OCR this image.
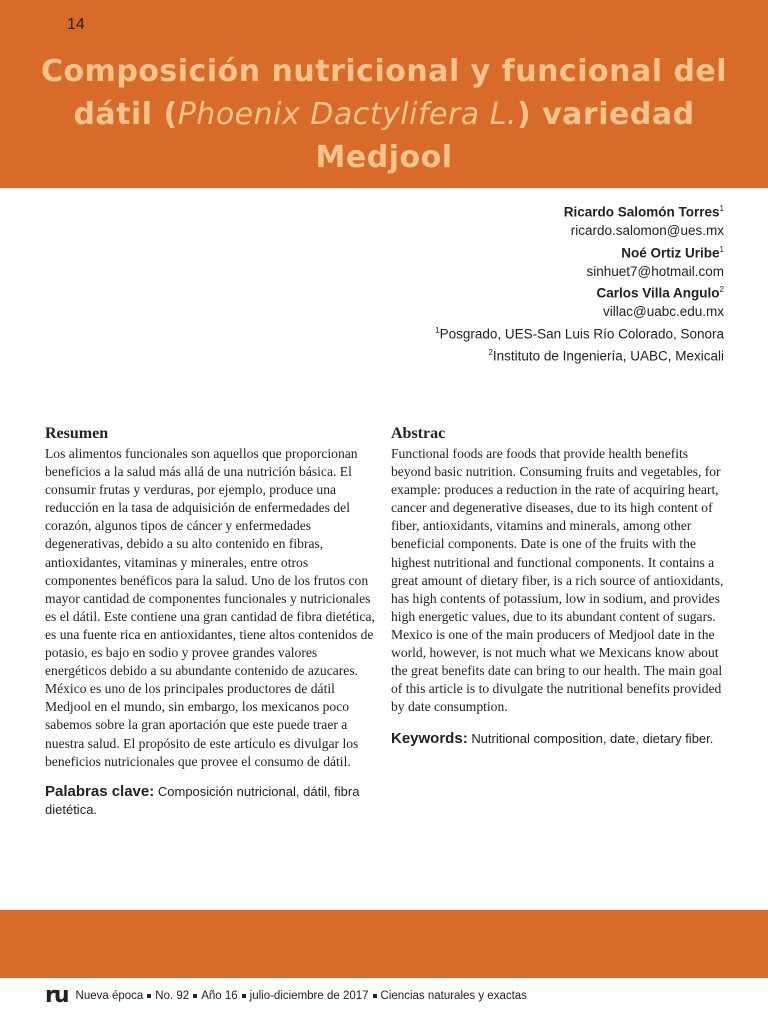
14
Composición nutricional y funcional del dátil (Phoenix Dactylifera L.) variedad Medjool
Ricardo Salomón Torres$^1$
ricardo.salomon@ues.mx
Noé Ortiz Uribe$^1$
sinhuet7@hotmail.com
Carlos Villa Angulo$^2$
villac@uabc.edu.mx
$^1$Posgrado, UES-San Luis Río Colorado, Sonora
$^2$Instituto de Ingeniería, UABC, Mexicali
Resumen

Los alimentos funcionales son aquellos que proporcionan beneficios a la salud más allá de una nutrición básica. El consumir frutas y verduras, por ejemplo, produce una reducción en la tasa de adquisición de enfermedades del corazón, algunos tipos de cáncer y enfermedades degenerativas, debido a su alto contenido en fibras, antioxidantes, vitaminas y minerales, entre otros componentes benéficos para la salud. Uno de los frutos con mayor cantidad de componentes funcionales y nutricionales es el dátil. Este contiene una gran cantidad de fibra dietética, es una fuente rica en antioxidantes, tiene altos contenidos de potasio, es bajo en sodio y provee grandes valores energéticos debido a su abundante contenido de azucares. México es uno de los principales productores de dátil Medjool en el mundo, sin embargo, los mexicanos poco sabemos sobre la gran aportación que este puede traer a nuestra salud. El propósito de este artículo es divulgar los beneficios nutricionales que provee el consumo de dátil.

Palabras clave: Composición nutricional, dátil, fibra dietética.
Abstrac

Functional foods are foods that provide health benefits beyond basic nutrition. Consuming fruits and vegetables, for example: produces a reduction in the rate of acquiring heart, cancer and degenerative diseases, due to its high content of fiber, antioxidants, vitamins and minerals, among other beneficial components. Date is one of the fruits with the highest nutritional and functional components. It contains a great amount of dietary fiber, is a rich source of antioxidants, has high contents of potassium, low in sodium, and provides high energetic values, due to its abundant content of sugars. Mexico is one of the main producers of Medjool date in the world, however, is not much what we Mexicans know about the great benefits date can bring to our health. The main goal of this article is to divulgate the nutritional benefits provided by date consumption.

Keywords: Nutritional composition, date, dietary fiber.
ru Nueva época No. 92 Año 16 julio-diciembre de 2017 Ciencias naturales y exactas
